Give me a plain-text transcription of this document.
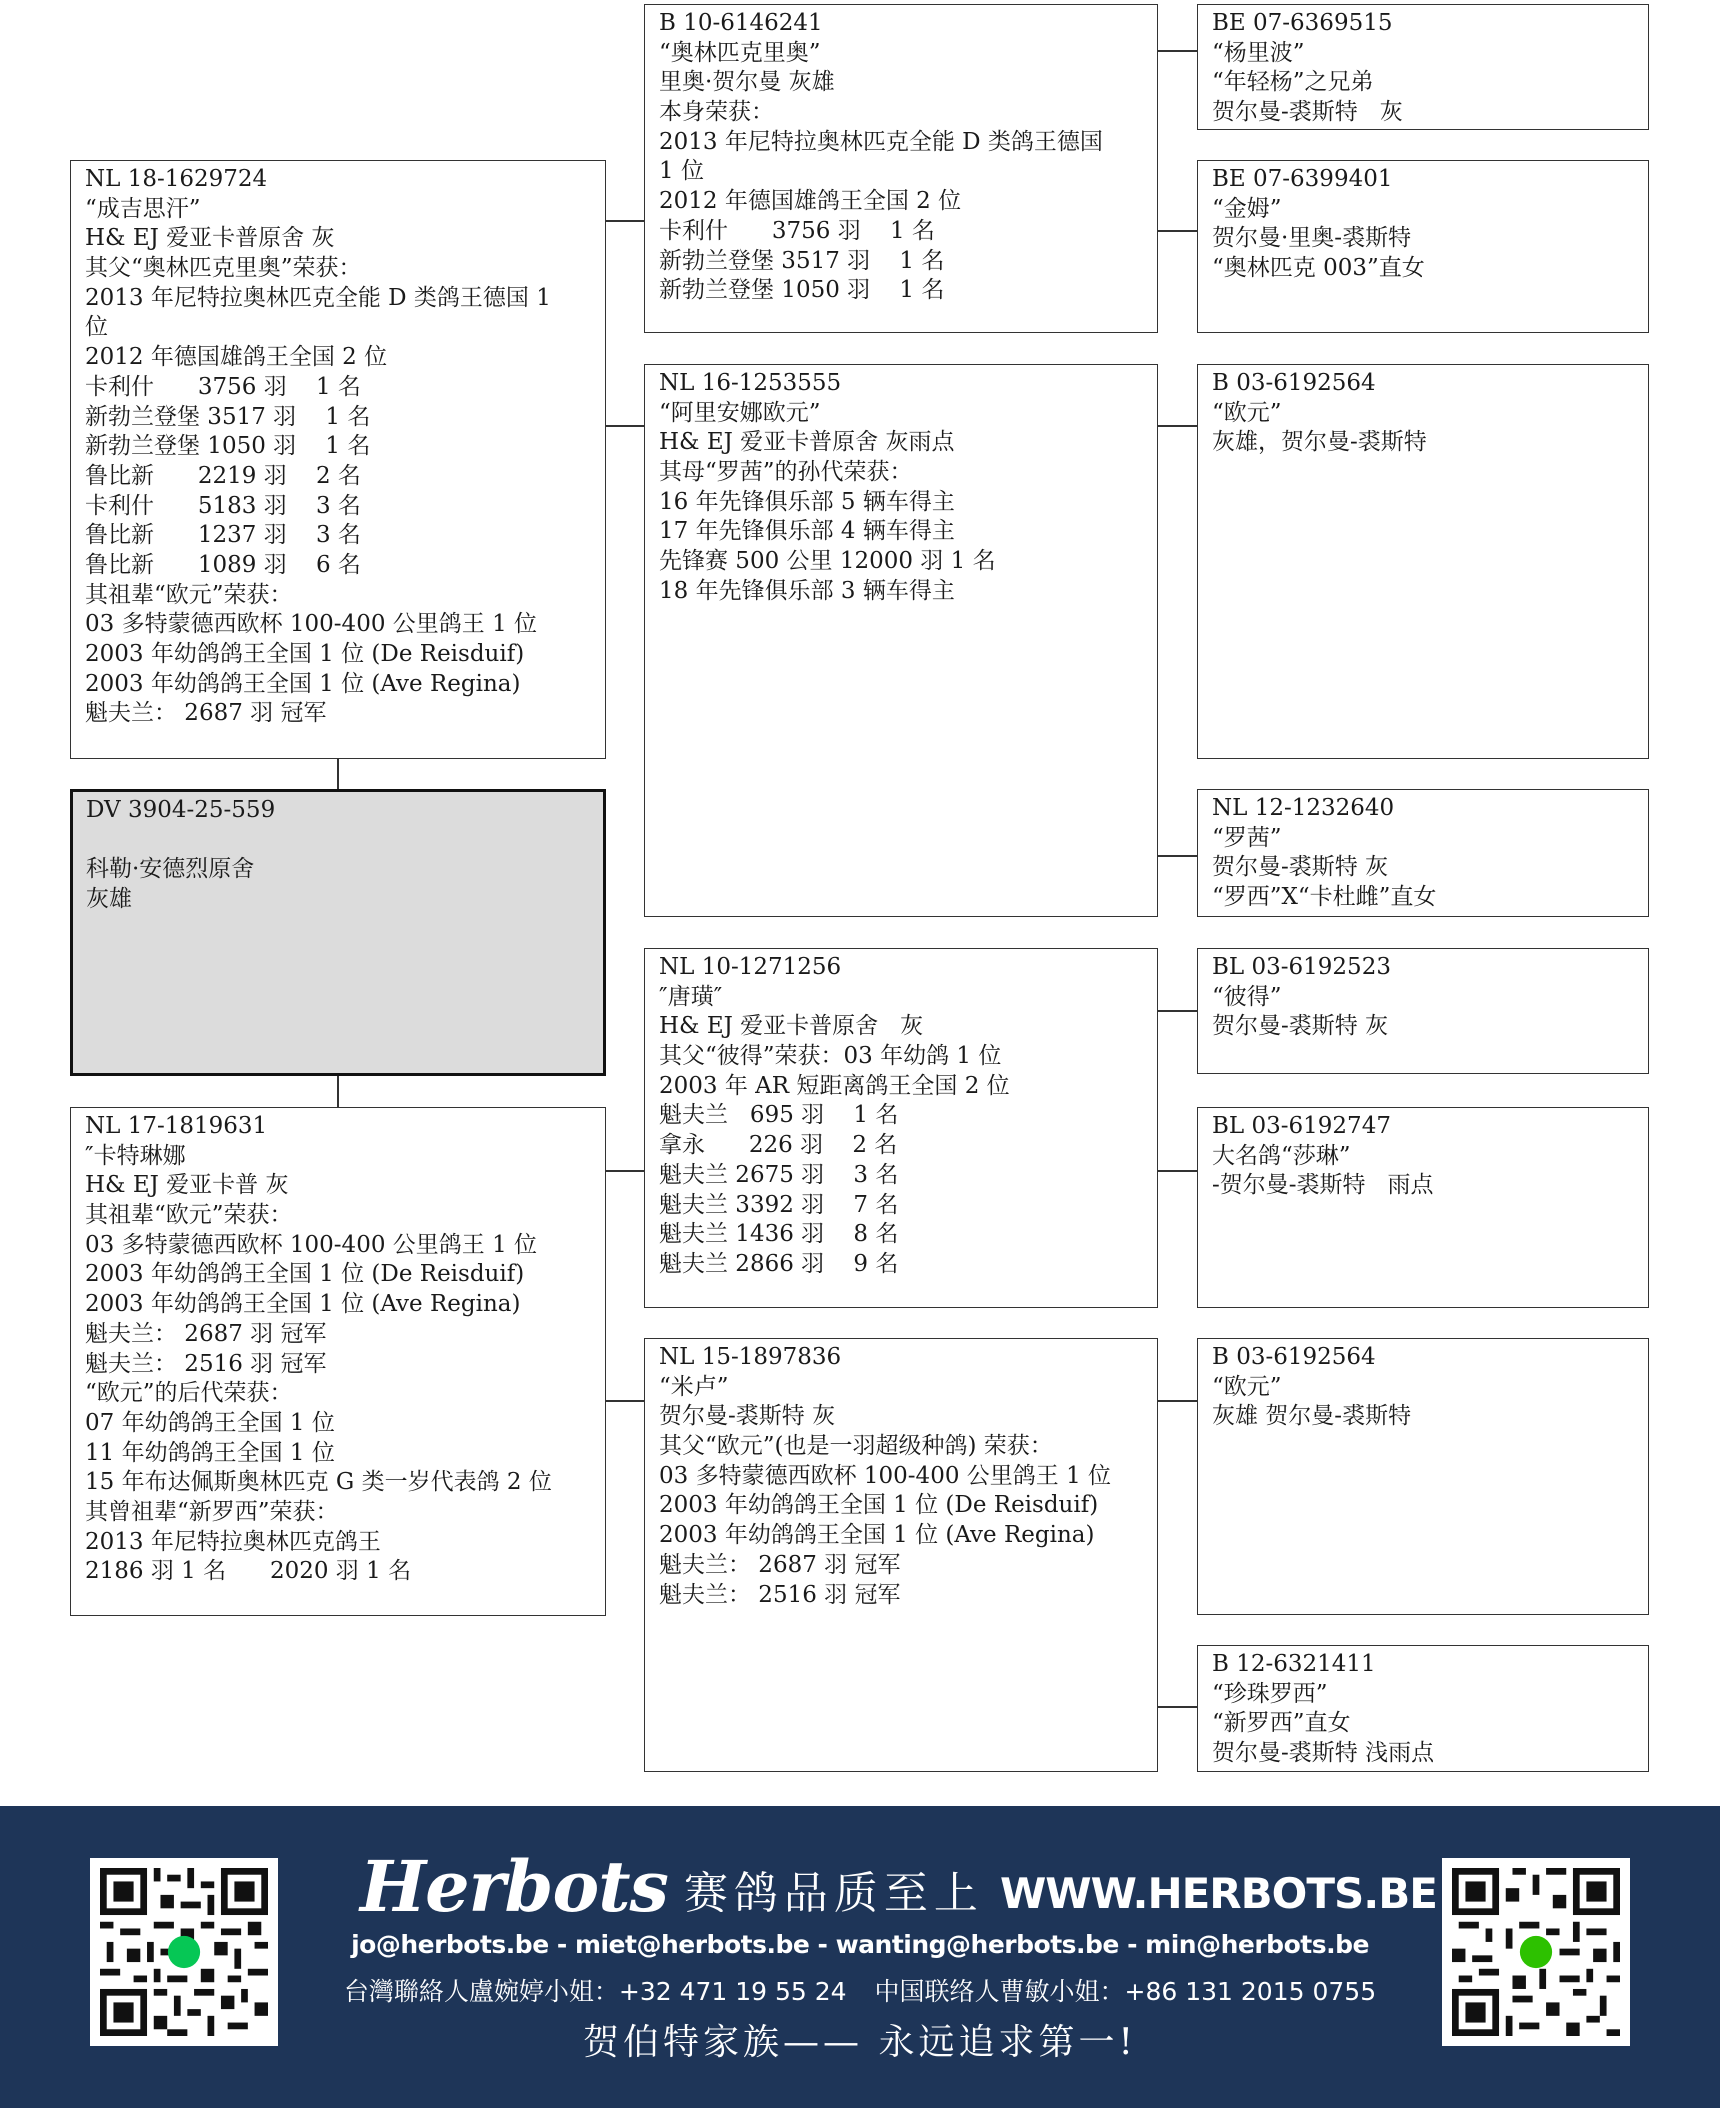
DV 3904-25-559
科勒·安德烈原舍
灰雄
NL 18-1629724
“成吉思汗”
H& EJ 爱亚卡普原舍 灰
其父“奥林匹克里奥”荣获：
2013 年尼特拉奥林匹克全能 D 类鸽王德国 1
位
2012 年德国雄鸽王全国 2 位
卡利什      3756 羽    1 名
新勃兰登堡 3517 羽    1 名
新勃兰登堡 1050 羽    1 名
鲁比新      2219 羽    2 名
卡利什      5183 羽    3 名
鲁比新      1237 羽    3 名
鲁比新      1089 羽    6 名
其祖辈“欧元”荣获：
03 多特蒙德西欧杯 100-400 公里鸽王 1 位
2003 年幼鸽鸽王全国 1 位 (De Reisduif)
2003 年幼鸽鸽王全国 1 位 (Ave Regina)
魁夫兰： 2687 羽 冠军
NL 17-1819631
″卡特琳娜
H& EJ 爱亚卡普 灰
其祖辈“欧元”荣获：
03 多特蒙德西欧杯 100-400 公里鸽王 1 位
2003 年幼鸽鸽王全国 1 位 (De Reisduif)
2003 年幼鸽鸽王全国 1 位 (Ave Regina)
魁夫兰： 2687 羽 冠军
魁夫兰： 2516 羽 冠军
“欧元”的后代荣获：
07 年幼鸽鸽王全国 1 位
11 年幼鸽鸽王全国 1 位
15 年布达佩斯奥林匹克 G 类一岁代表鸽 2 位
其曾祖辈“新罗西”荣获：
2013 年尼特拉奥林匹克鸽王
2186 羽 1 名      2020 羽 1 名
B 10-6146241
“奥林匹克里奥”
里奥·贺尔曼 灰雄
本身荣获：
2013 年尼特拉奥林匹克全能 D 类鸽王德国
1 位
2012 年德国雄鸽王全国 2 位
卡利什      3756 羽    1 名
新勃兰登堡 3517 羽    1 名
新勃兰登堡 1050 羽    1 名
NL 16-1253555
“阿里安娜欧元”
H& EJ 爱亚卡普原舍 灰雨点
其母“罗茜”的孙代荣获：
16 年先锋俱乐部 5 辆车得主
17 年先锋俱乐部 4 辆车得主
先锋赛 500 公里 12000 羽 1 名
18 年先锋俱乐部 3 辆车得主
NL 10-1271256
″唐璜″
H& EJ 爱亚卡普原舍   灰
其父“彼得”荣获：03 年幼鸽 1 位
2003 年 AR 短距离鸽王全国 2 位
魁夫兰   695 羽    1 名
拿永      226 羽    2 名
魁夫兰 2675 羽    3 名
魁夫兰 3392 羽    7 名
魁夫兰 1436 羽    8 名
魁夫兰 2866 羽    9 名
NL 15-1897836
“米卢”
贺尔曼-裘斯特 灰
其父“欧元”(也是一羽超级种鸽) 荣获：
03 多特蒙德西欧杯 100-400 公里鸽王 1 位
2003 年幼鸽鸽王全国 1 位 (De Reisduif)
2003 年幼鸽鸽王全国 1 位 (Ave Regina)
魁夫兰： 2687 羽 冠军
魁夫兰： 2516 羽 冠军
BE 07-6369515
“杨里波”
“年轻杨”之兄弟
贺尔曼-裘斯特   灰
BE 07-6399401
“金姆”
贺尔曼·里奥-裘斯特
“奥林匹克 003”直女
B 03-6192564
“欧元”
灰雄，贺尔曼-裘斯特
NL 12-1232640
“罗茜”
贺尔曼-裘斯特 灰
“罗西”X“卡杜雌”直女
BL 03-6192523
“彼得”
贺尔曼-裘斯特 灰
BL 03-6192747
大名鸽“莎琳”
-贺尔曼-裘斯特   雨点
B 03-6192564
“欧元”
灰雄 贺尔曼-裘斯特
B 12-6321411
“珍珠罗西”
“新罗西”直女
贺尔曼-裘斯特 浅雨点
Herbots 赛鸽品质至上 WWW.HERBOTS.BE
jo@herbots.be - miet@herbots.be - wanting@herbots.be - min@herbots.be
台灣聯絡人盧婉婷小姐：+32 471 19 55 24 中国联络人曹敏小姐：+86 131 2015 0755
贺伯特家族—— 永远追求第一!
